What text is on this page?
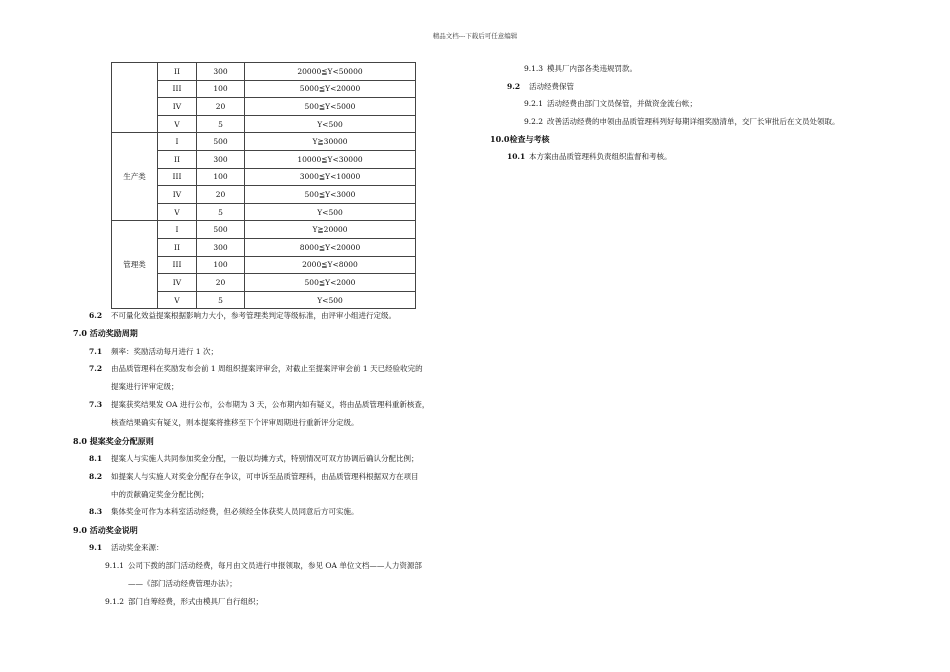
精品文档---下载后可任意编辑
	II	300	20000≦Y<50000
	III	100	5000≦Y<20000
	IV	20	500≦Y<5000
	V	5	Y<500
生产类	I	500	Y≧30000
	II	300	10000≦Y<30000
	III	100	3000≦Y<10000
	IV	20	500≦Y<3000
	V	5	Y<500
管理类	I	500	Y≧20000
	II	300	8000≦Y<20000
	III	100	2000≦Y<8000
	IV	20	500≦Y<2000
	V	5	Y<500
6.2 不可量化效益提案根据影响力大小，参考管理类判定等级标准，由评审小组进行定级。
7.0 活动奖励周期
7.1 频率：奖励活动每月进行 1 次；
7.2 由品质管理科在奖励发布会前 1 周组织提案评审会，对截止至提案评审会前 1 天已经验收完的
提案进行评审定级；
7.3 提案获奖结果发 OA 进行公布，公布期为 3 天，公布期内如有疑义，将由品质管理科重新核查，
核查结果确实有疑义，则本提案将推移至下个评审周期进行重新评分定级。
8.0 提案奖金分配原则
8.1 提案人与实施人共同参加奖金分配，一般以均摊方式，特别情况可双方协调后确认分配比例；
8.2 如提案人与实施人对奖金分配存在争议，可申诉至品质管理科，由品质管理科根据双方在项目
中的贡献确定奖金分配比例；
8.3 集体奖金可作为本科室活动经费，但必须经全体获奖人员同意后方可实施。
9.0 活动奖金说明
9.1 活动奖金来源：
9.1.1 公司下拨的部门活动经费，每月由文员进行申报领取，参见 OA 单位文档——人力资源部
——《部门活动经费管理办法》；
9.1.2 部门自筹经费，形式由模具厂自行组织；
9.1.3 模具厂内部各类违规罚款。
9.2 活动经费保管
9.2.1 活动经费由部门文员保管，并做资金流台帐；
9.2.2 改善活动经费的申领由品质管理科列好每期详细奖励清单，交厂长审批后在文员处领取。
10.0检查与考核
10.1 本方案由品质管理科负责组织监督和考核。
